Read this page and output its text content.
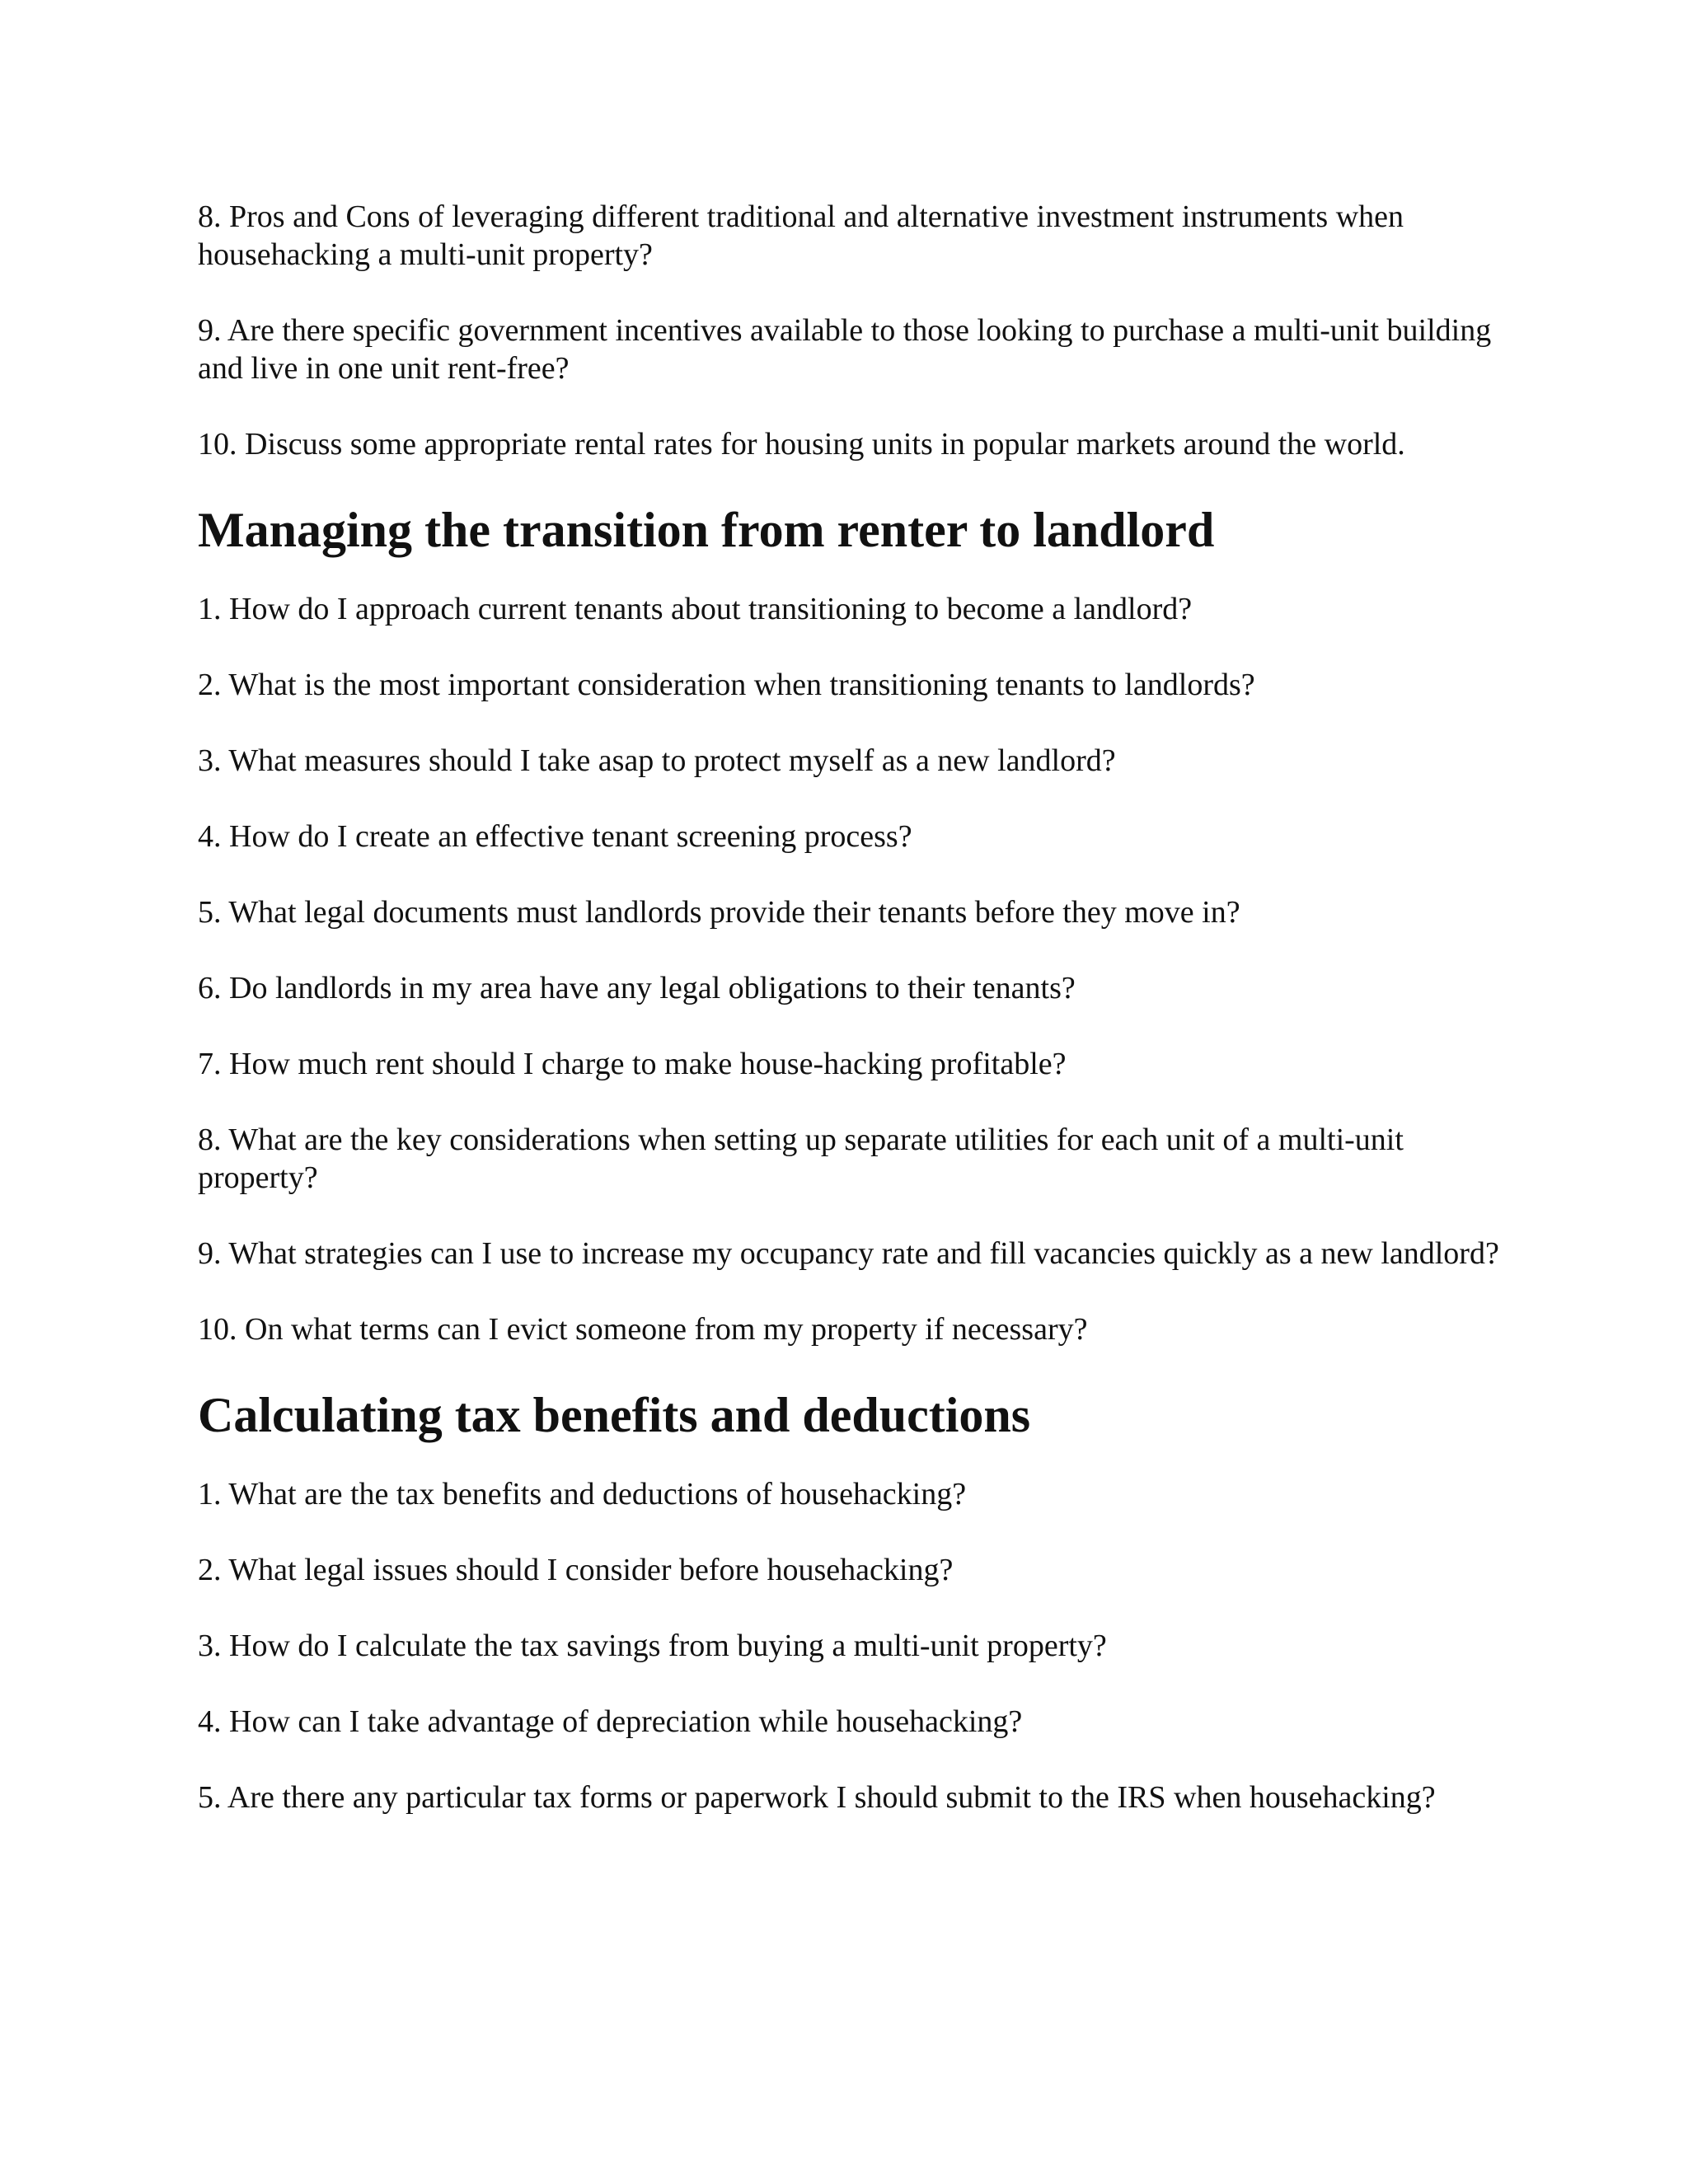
8. Pros and Cons of leveraging different traditional and alternative investment instruments when househacking a multi-unit property?

9. Are there specific government incentives available to those looking to purchase a multi-unit building and live in one unit rent-free?

10. Discuss some appropriate rental rates for housing units in popular markets around the world.

Managing the transition from renter to landlord

1. How do I approach current tenants about transitioning to become a landlord?

2. What is the most important consideration when transitioning tenants to landlords?

3. What measures should I take asap to protect myself as a new landlord?

4. How do I create an effective tenant screening process?

5. What legal documents must landlords provide their tenants before they move in?

6. Do landlords in my area have any legal obligations to their tenants?

7. How much rent should I charge to make house-hacking profitable?

8. What are the key considerations when setting up separate utilities for each unit of a multi-unit property?

9. What strategies can I use to increase my occupancy rate and fill vacancies quickly as a new landlord?

10. On what terms can I evict someone from my property if necessary?

Calculating tax benefits and deductions

1. What are the tax benefits and deductions of househacking?

2. What legal issues should I consider before househacking?

3. How do I calculate the tax savings from buying a multi-unit property?

4. How can I take advantage of depreciation while househacking?

5. Are there any particular tax forms or paperwork I should submit to the IRS when househacking?
